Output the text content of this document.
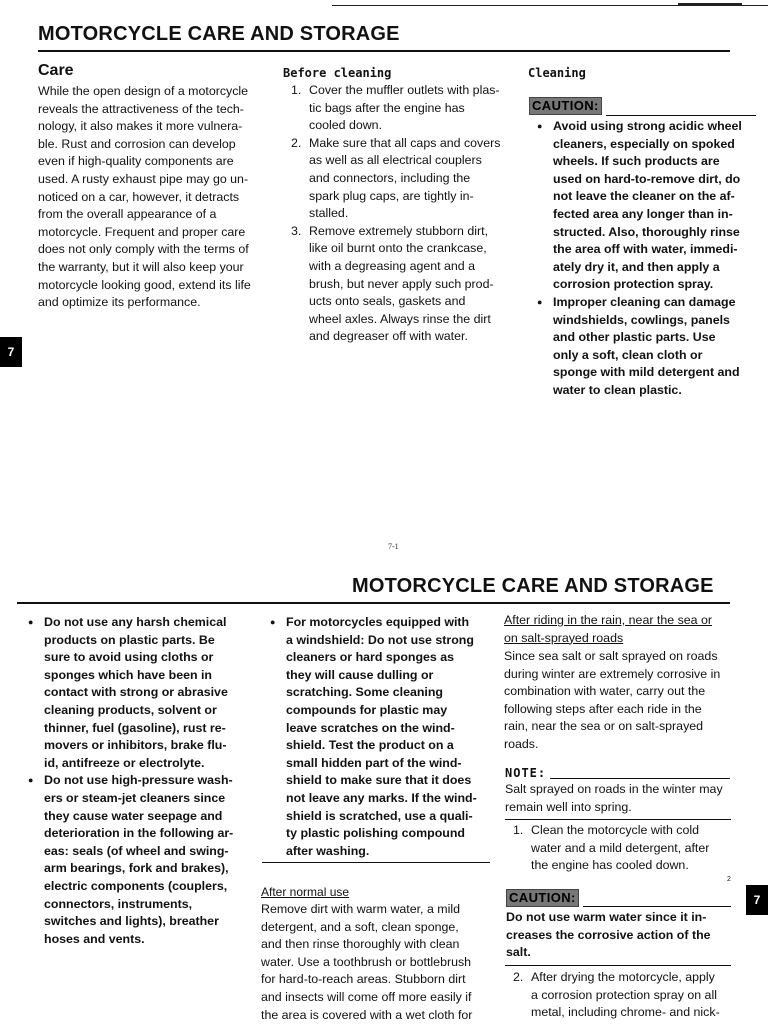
MOTORCYCLE CARE AND STORAGE
Care
While the open design of a motorcycle
reveals the attractiveness of the tech-
nology, it also makes it more vulnera-
ble. Rust and corrosion can develop
even if high-quality components are
used. A rusty exhaust pipe may go un-
noticed on a car, however, it detracts
from the overall appearance of a
motorcycle. Frequent and proper care
does not only comply with the terms of
the warranty, but it will also keep your
motorcycle looking good, extend its life
and optimize its performance.
Before cleaning
1. Cover the muffler outlets with plas-
tic bags after the engine has
cooled down.
2. Make sure that all caps and covers
as well as all electrical couplers
and connectors, including the
spark plug caps, are tightly in-
stalled.
3. Remove extremely stubborn dirt,
like oil burnt onto the crankcase,
with a degreasing agent and a
brush, but never apply such prod-
ucts onto seals, gaskets and
wheel axles. Always rinse the dirt
and degreaser off with water.
Cleaning
CAUTION:
● Avoid using strong acidic wheel
cleaners, especially on spoked
wheels. If such products are
used on hard-to-remove dirt, do
not leave the cleaner on the af-
fected area any longer than in-
structed. Also, thoroughly rinse
the area off with water, immedi-
ately dry it, and then apply a
corrosion protection spray.
● Improper cleaning can damage
windshields, cowlings, panels
and other plastic parts. Use
only a soft, clean cloth or
sponge with mild detergent and
water to clean plastic.
7
7-1
MOTORCYCLE CARE AND STORAGE
● Do not use any harsh chemical
products on plastic parts. Be
sure to avoid using cloths or
sponges which have been in
contact with strong or abrasive
cleaning products, solvent or
thinner, fuel (gasoline), rust re-
movers or inhibitors, brake flu-
id, antifreeze or electrolyte.
● Do not use high-pressure wash-
ers or steam-jet cleaners since
they cause water seepage and
deterioration in the following ar-
eas: seals (of wheel and swing-
arm bearings, fork and brakes),
electric components (couplers,
connectors, instruments,
switches and lights), breather
hoses and vents.
● For motorcycles equipped with
a windshield: Do not use strong
cleaners or hard sponges as
they will cause dulling or
scratching. Some cleaning
compounds for plastic may
leave scratches on the wind-
shield. Test the product on a
small hidden part of the wind-
shield to make sure that it does
not leave any marks. If the wind-
shield is scratched, use a quali-
ty plastic polishing compound
after washing.
After normal use
Remove dirt with warm water, a mild
detergent, and a soft, clean sponge,
and then rinse thoroughly with clean
water. Use a toothbrush or bottlebrush
for hard-to-reach areas. Stubborn dirt
and insects will come off more easily if
the area is covered with a wet cloth for
After riding in the rain, near the sea or
on salt-sprayed roads
Since sea salt or salt sprayed on roads
during winter are extremely corrosive in
combination with water, carry out the
following steps after each ride in the
rain, near the sea or on salt-sprayed
roads.
NOTE:
Salt sprayed on roads in the winter may
remain well into spring.
1. Clean the motorcycle with cold
water and a mild detergent, after
the engine has cooled down.
2
CAUTION:
Do not use warm water since it in-
creases the corrosive action of the
salt.
2. After drying the motorcycle, apply
a corrosion protection spray on all
metal, including chrome- and nick-
7
